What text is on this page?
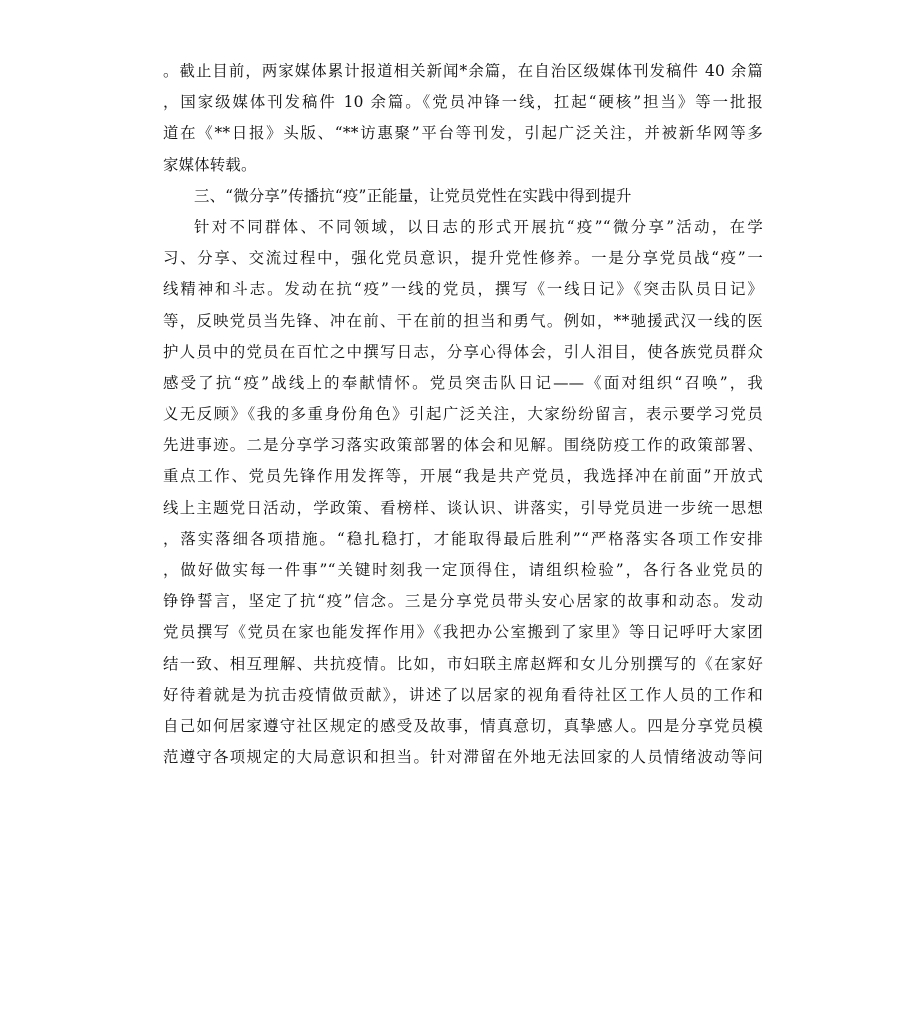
。截止目前，两家媒体累计报道相关新闻*余篇，在自治区级媒体刊发稿件 40 余篇
，国家级媒体刊发稿件 10 余篇。《党员冲锋一线，扛起“硬核”担当》等一批报
道在《**日报》头版、“**访惠聚”平台等刊发，引起广泛关注，并被新华网等多
家媒体转载。
三、“微分享”传播抗“疫”正能量，让党员党性在实践中得到提升
针对不同群体、不同领域，以日志的形式开展抗“疫”“微分享”活动，在学
习、分享、交流过程中，强化党员意识，提升党性修养。一是分享党员战“疫”一
线精神和斗志。发动在抗“疫”一线的党员，撰写《一线日记》《突击队员日记》
等，反映党员当先锋、冲在前、干在前的担当和勇气。例如，**驰援武汉一线的医
护人员中的党员在百忙之中撰写日志，分享心得体会，引人泪目，使各族党员群众
感受了抗“疫”战线上的奉献情怀。党员突击队日记——《面对组织“召唤”，我
义无反顾》《我的多重身份角色》引起广泛关注，大家纷纷留言，表示要学习党员
先进事迹。二是分享学习落实政策部署的体会和见解。围绕防疫工作的政策部署、
重点工作、党员先锋作用发挥等，开展“我是共产党员，我选择冲在前面”开放式
线上主题党日活动，学政策、看榜样、谈认识、讲落实，引导党员进一步统一思想
，落实落细各项措施。“稳扎稳打，才能取得最后胜利”“严格落实各项工作安排
，做好做实每一件事”“关键时刻我一定顶得住，请组织检验”，各行各业党员的
铮铮誓言，坚定了抗“疫”信念。三是分享党员带头安心居家的故事和动态。发动
党员撰写《党员在家也能发挥作用》《我把办公室搬到了家里》等日记呼吁大家团
结一致、相互理解、共抗疫情。比如，市妇联主席赵辉和女儿分别撰写的《在家好
好待着就是为抗击疫情做贡献》，讲述了以居家的视角看待社区工作人员的工作和
自己如何居家遵守社区规定的感受及故事，情真意切，真挚感人。四是分享党员模
范遵守各项规定的大局意识和担当。针对滞留在外地无法回家的人员情绪波动等问
